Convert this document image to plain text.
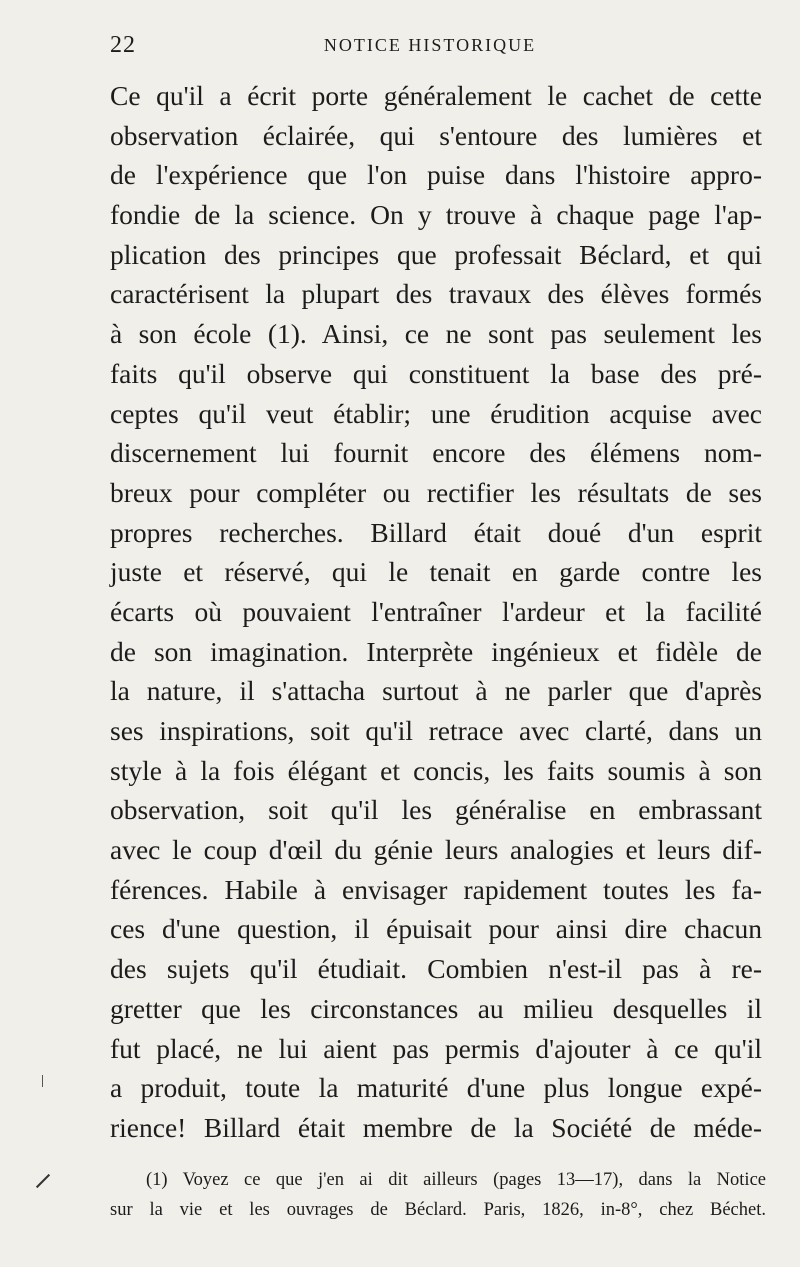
22	NOTICE HISTORIQUE
Ce qu'il a écrit porte généralement le cachet de cette
observation éclairée, qui s'entoure des lumières et
de l'expérience que l'on puise dans l'histoire appro-
fondie de la science. On y trouve à chaque page l'ap-
plication des principes que professait Béclard, et qui
caractérisent la plupart des travaux des élèves formés
à son école (1). Ainsi, ce ne sont pas seulement les
faits qu'il observe qui constituent la base des pré-
ceptes qu'il veut établir; une érudition acquise avec
discernement lui fournit encore des élémens nom-
breux pour compléter ou rectifier les résultats de ses
propres recherches. Billard était doué d'un esprit
juste et réservé, qui le tenait en garde contre les
écarts où pouvaient l'entraîner l'ardeur et la facilité
de son imagination. Interprète ingénieux et fidèle de
la nature, il s'attacha surtout à ne parler que d'après
ses inspirations, soit qu'il retrace avec clarté, dans un
style à la fois élégant et concis, les faits soumis à son
observation, soit qu'il les généralise en embrassant
avec le coup d'œil du génie leurs analogies et leurs dif-
férences. Habile à envisager rapidement toutes les fa-
ces d'une question, il épuisait pour ainsi dire chacun
des sujets qu'il étudiait. Combien n'est-il pas à re-
gretter que les circonstances au milieu desquelles il
fut placé, ne lui aient pas permis d'ajouter à ce qu'il
a produit, toute la maturité d'une plus longue expé-
rience! Billard était membre de la Société de méde-
(1) Voyez ce que j'en ai dit ailleurs (pages 13—17), dans la Notice
sur la vie et les ouvrages de Béclard. Paris, 1826, in-8°, chez Béchet.
